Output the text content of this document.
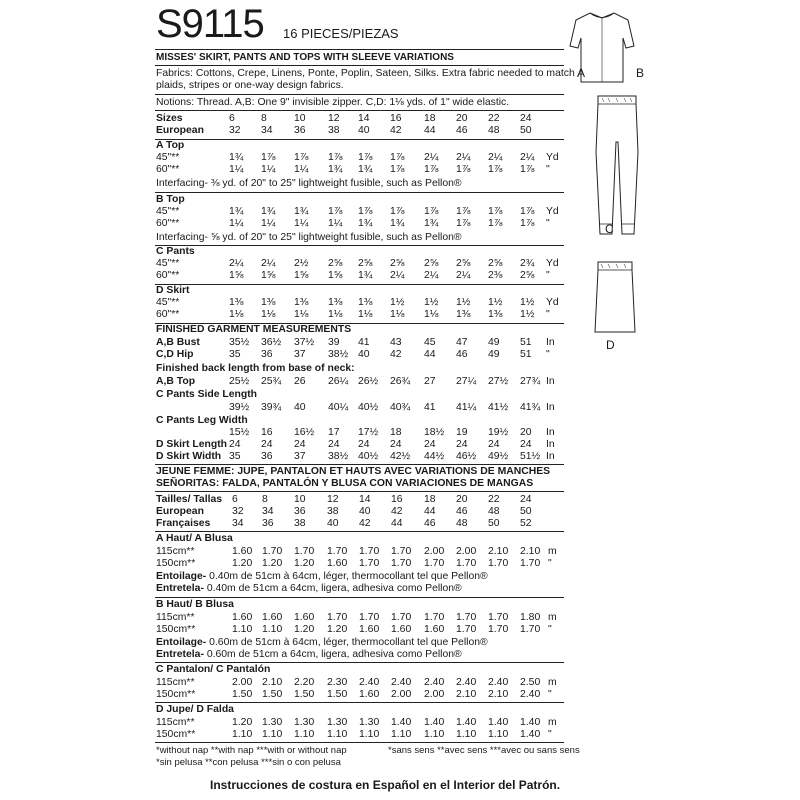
S9115 16 PIECES/PIEZAS
MISSES' SKIRT, PANTS AND TOPS WITH SLEEVE VARIATIONS
Fabrics: Cottons, Crepe, Linens, Ponte, Poplin, Sateen, Silks. Extra fabric needed to match
plaids, stripes or one-way design fabrics.
Notions: Thread. A,B: One 9" invisible zipper. C,D: 1⅛ yds. of 1" wide elastic.
Sizes	6	8	10 12 14 16 18 20 22 24
European 32 34 36 38 40 42 44 46 48 50
A Top
45"**	1¾ 1⅞ 1⅞ 1⅞ 1⅞ 1⅞ 2¼ 2¼ 2¼ 2¼ Yd
60"**	1¼ 1¼ 1¼ 1¾ 1¾ 1⅞ 1⅞ 1⅞ 1⅞ 1⅞ "
Interfacing- ⅜ yd. of 20" to 25" lightweight fusible, such as Pellon®
B Top
45"**	1¾ 1¾ 1¾ 1⅞ 1⅞ 1⅞ 1⅞ 1⅞ 1⅞ 1⅞ Yd
60"**	1¼ 1¼ 1¼ 1¼ 1¾ 1¾ 1¾ 1⅞ 1⅞ 1⅞ "
Interfacing- ⅝ yd. of 20" to 25" lightweight fusible, such as Pellon®
C Pants
45"**	2¼ 2¼ 2½ 2⅝ 2⅝ 2⅝ 2⅝ 2⅝ 2⅝ 2¾ Yd
60"**	1⅝ 1⅝ 1⅝ 1⅝ 1¾ 2¼ 2¼ 2¼ 2⅜ 2⅝ "
D Skirt
45"**	1⅜ 1⅜ 1⅜ 1⅜ 1⅜ 1½ 1½ 1½ 1½ 1½ Yd
60"**	1⅛ 1⅛ 1⅛ 1⅛ 1⅛ 1⅛ 1⅛ 1⅜ 1⅜ 1½ "
FINISHED GARMENT MEASUREMENTS
A,B Bust	35½ 36½ 37½ 39 41 43 45 47 49 51 In
C,D Hip	35 36 37 38½ 40 42 44 46 49 51 "
Finished back length from base of neck:
A,B Top	25½ 25¾ 26 26¼ 26½ 26¾ 27 27¼ 27½ 27¾ In
C Pants Side Length
39½ 39¾ 40 40¼ 40½ 40¾ 41 41¼ 41½ 41¾ In
C Pants Leg Width
15½ 16 16½ 17 17½ 18 18½ 19 19½ 20 In
D Skirt Length 24 24 24 24 24 24 24 24 24 24 In
D Skirt Width 35 36 37 38½ 40½ 42½ 44½ 46½ 49½ 51½ In
JEUNE FEMME: JUPE, PANTALON ET HAUTS AVEC VARIATIONS DE MANCHES
SEÑORITAS: FALDA, PANTALÓN Y BLUSA CON VARIACIONES DE MANGAS
Tailles/ Tallas 6 8	10 12 14 16 18 20 22 24
European	32 34 36 38 40 42 44 46 48 50
Françaises 34 36 38 40 42 44 46 48 50 52
A Haut/ A Blusa
115cm**	1.60 1.70 1.70 1.70 1.70 1.70 2.00 2.00 2.10 2.10 m
150cm**	1.20 1.20 1.20 1.60 1.70 1.70 1.70 1.70 1.70 1.70 "
Entoilage- 0.40m de 51cm à 64cm, léger, thermocollant tel que Pellon®
Entretela- 0.40m de 51cm a 64cm, ligera, adhesiva como Pellon®
B Haut/ B Blusa
115cm**	1.60 1.60 1.60 1.70 1.70 1.70 1.70 1.70 1.70 1.80 m
150cm**	1.10 1.10 1.20 1.20 1.60 1.60 1.60 1.70 1.70 1.70 "
Entoilage- 0.60m de 51cm à 64cm, léger, thermocollant tel que Pellon®
Entretela- 0.60m de 51cm a 64cm, ligera, adhesiva como Pellon®
C Pantalon/ C Pantalón
115cm**	2.00 2.10 2.20 2.30 2.40 2.40 2.40 2.40 2.40 2.50 m
150cm**	1.50 1.50 1.50 1.50 1.60 2.00 2.00 2.10 2.10 2.40 "
D Jupe/ D Falda
115cm**	1.20 1.30 1.30 1.30 1.30 1.40 1.40 1.40 1.40 1.40 m
150cm**	1.10 1.10 1.10 1.10 1.10 1.10 1.10 1.10 1.10 1.40 "
*without nap **with nap ***with or without nap
*sin pelusa **con pelusa ***sin o con pelusa
*sans sens **avec sens ***avec ou sans sens
Instrucciones de costura en Español en el Interior del Patrón.
A	B
C
D
